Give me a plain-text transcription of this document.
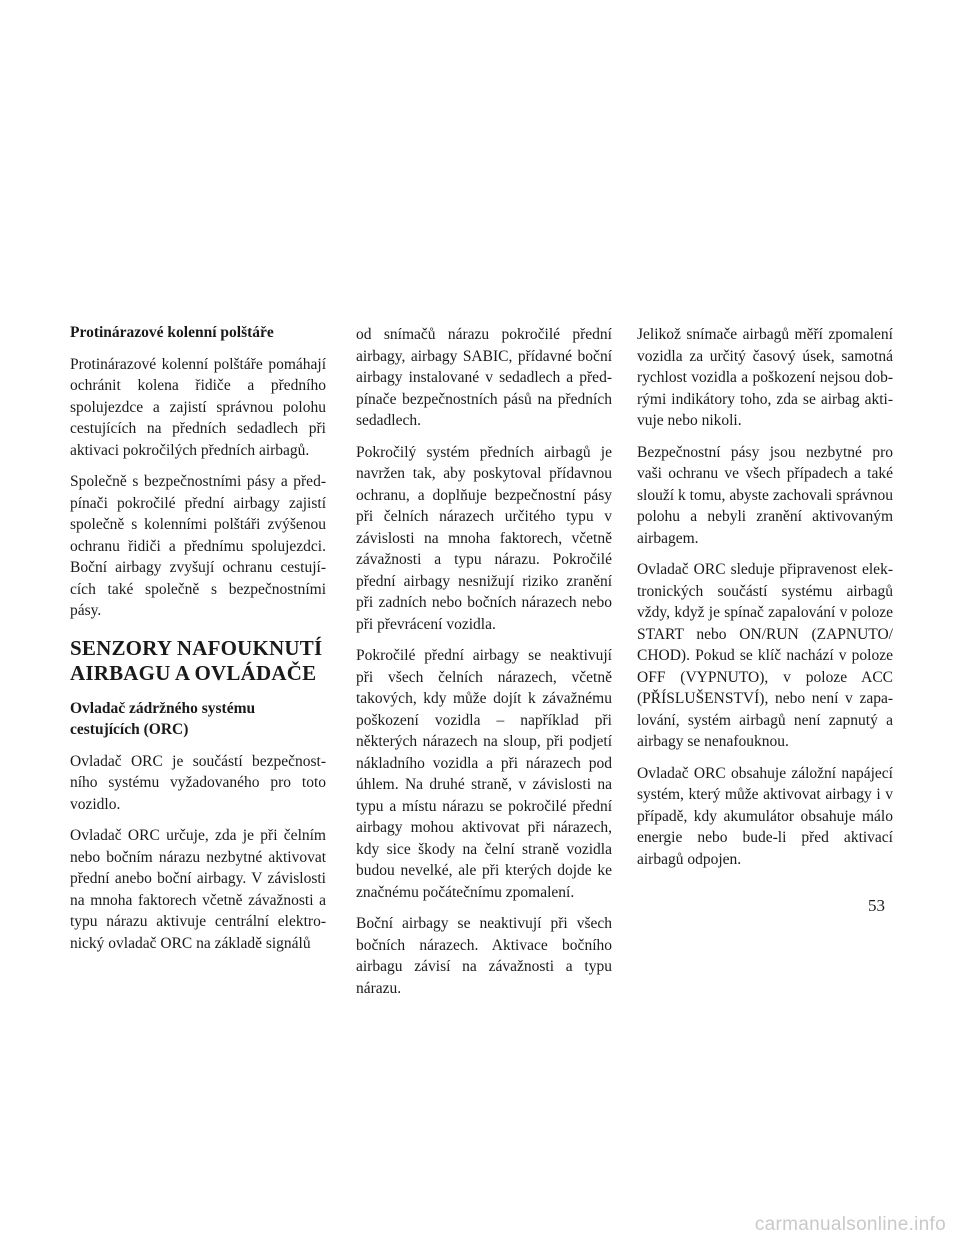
Protinárazové kolenní polštáře

Protinárazové kolenní polštáře pomáhají ochránit kolena řidiče a předního spolujezdce a zajistí správnou polohu cestujících na předních sedadlech při aktivaci pokročilých předních airbagů.

Společně s bezpečnostními pásy a předpínači pokročilé přední airbagy zajistí společně s kolenními polštáři zvýšenou ochranu řidiči a přednímu spolujezdci. Boční airbagy zvyšují ochranu cestujících také společně s bezpečnostními pásy.

SENZORY NAFOUKNUTÍ
AIRBAGU A OVLÁDAČE
Ovladač zádržného systému
cestujících (ORC)

Ovladač ORC je součástí bezpečnostního systému vyžadovaného pro toto vozidlo.

Ovladač ORC určuje, zda je při čelním nebo bočním nárazu nezbytné aktivovat přední anebo boční airbagy. V závislosti na mnoha faktorech včetně závažnosti a typu nárazu aktivuje centrální elektronický ovladač ORC na základě signálů

od snímačů nárazu pokročilé přední airbagy, airbagy SABIC, přídavné boční airbagy instalované v sedadlech a předpínače bezpečnostních pásů na předních sedadlech.

Pokročilý systém předních airbagů je navržen tak, aby poskytoval přídavnou ochranu, a doplňuje bezpečnostní pásy při čelních nárazech určitého typu v závislosti na mnoha faktorech, včetně závažnosti a typu nárazu. Pokročilé přední airbagy nesnižují riziko zranění při zadních nebo bočních nárazech nebo při převrácení vozidla.

Pokročilé přední airbagy se neaktivují při všech čelních nárazech, včetně takových, kdy může dojít k závažnému poškození vozidla – například při některých nárazech na sloup, při podjetí nákladního vozidla a při nárazech pod úhlem. Na druhé straně, v závislosti na typu a místu nárazu se pokročilé přední airbagy mohou aktivovat při nárazech, kdy sice škody na čelní straně vozidla budou nevelké, ale při kterých dojde ke značnému počátečnímu zpomalení.

Boční airbagy se neaktivují při všech bočních nárazech. Aktivace bočního airbagu závisí na závažnosti a typu nárazu.

Jelikož snímače airbagů měří zpomalení vozidla za určitý časový úsek, samotná rychlost vozidla a poškození nejsou dobrými indikátory toho, zda se airbag aktivuje nebo nikoli.

Bezpečnostní pásy jsou nezbytné pro vaši ochranu ve všech případech a také slouží k tomu, abyste zachovali správnou polohu a nebyli zranění aktivovaným airbagem.

Ovladač ORC sleduje připravenost elektronických součástí systému airbagů vždy, když je spínač zapalování v poloze START nebo ON/RUN (ZAPNUTO/ CHOD). Pokud se klíč nachází v poloze OFF (VYPNUTO), v poloze ACC (PŘÍSLUŠENSTVÍ), nebo není v zapalování, systém airbagů není zapnutý a airbagy se nenafouknou.

Ovladač ORC obsahuje záložní napájecí systém, který může aktivovat airbagy i v případě, kdy akumulátor obsahuje málo energie nebo bude-li před aktivací airbagů odpojen.

53
carmanualsonline.info
